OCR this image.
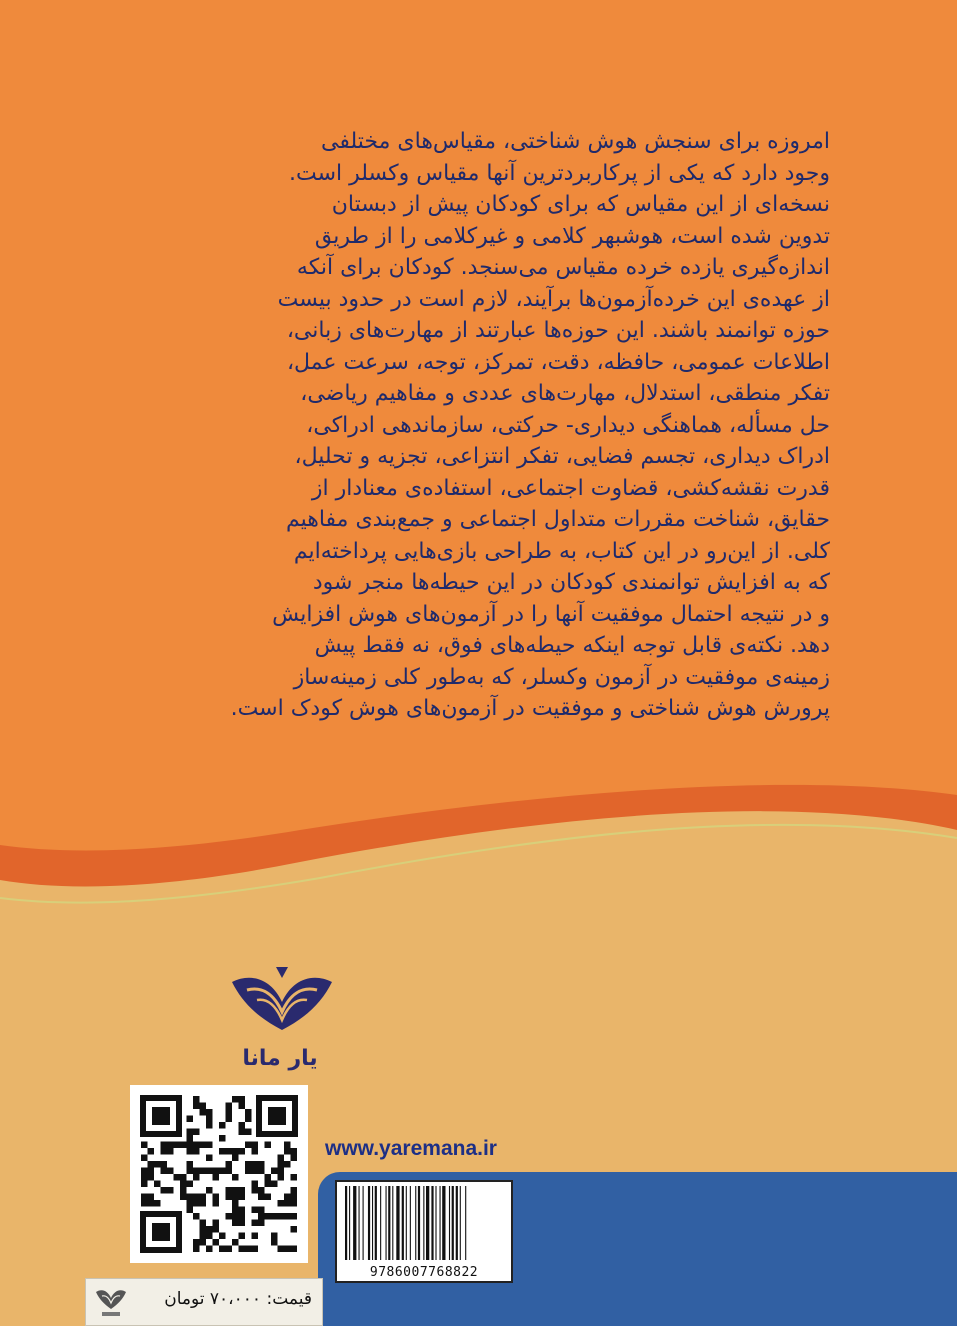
امروزه برای سنجش هوش شناختی، مقیاس‌های مختلفی
وجود دارد که یکی از پرکاربردترین آنها مقیاس وکسلر است.
نسخه‌ای از این مقیاس که برای کودکان پیش از دبستان
تدوین شده است، هوشبهر کلامی و غیرکلامی را از طریق
اندازه‌گیری یازده خرده مقیاس می‌سنجد. کودکان برای آنکه
از عهده‌ی این خرده‌آزمون‌ها برآیند، لازم است در حدود بیست
حوزه توانمند باشند. این حوزه‌ها عبارتند از مهارت‌های زبانی،
اطلاعات عمومی، حافظه، دقت، تمرکز، توجه، سرعت عمل،
تفکر منطقی، استدلال، مهارت‌های عددی و مفاهیم ریاضی،
حل مسأله، هماهنگی دیداری- حرکتی، سازماندهی ادراکی،
ادراک دیداری، تجسم فضایی، تفکر انتزاعی، تجزیه و تحلیل،
قدرت نقشه‌کشی، قضاوت اجتماعی، استفاده‌ی معنادار از
حقایق، شناخت مقررات متداول اجتماعی و جمع‌بندی مفاهیم
کلی. از این‌رو در این کتاب، به طراحی بازی‌هایی پرداخته‌ایم
که به افزایش توانمندی کودکان در این حیطه‌ها منجر شود
و در نتیجه احتمال موفقیت آنها را در آزمون‌های هوش افزایش
دهد. نکته‌ی قابل توجه اینکه حیطه‌های فوق، نه فقط پیش
زمینه‌ی موفقیت در آزمون وکسلر، که به‌طور کلی زمینه‌ساز
پرورش هوش شناختی و موفقیت در آزمون‌های هوش کودک است.
یار مانا
www.yaremana.ir
9786007768822
قیمت: ۷۰،۰۰۰ تومان
